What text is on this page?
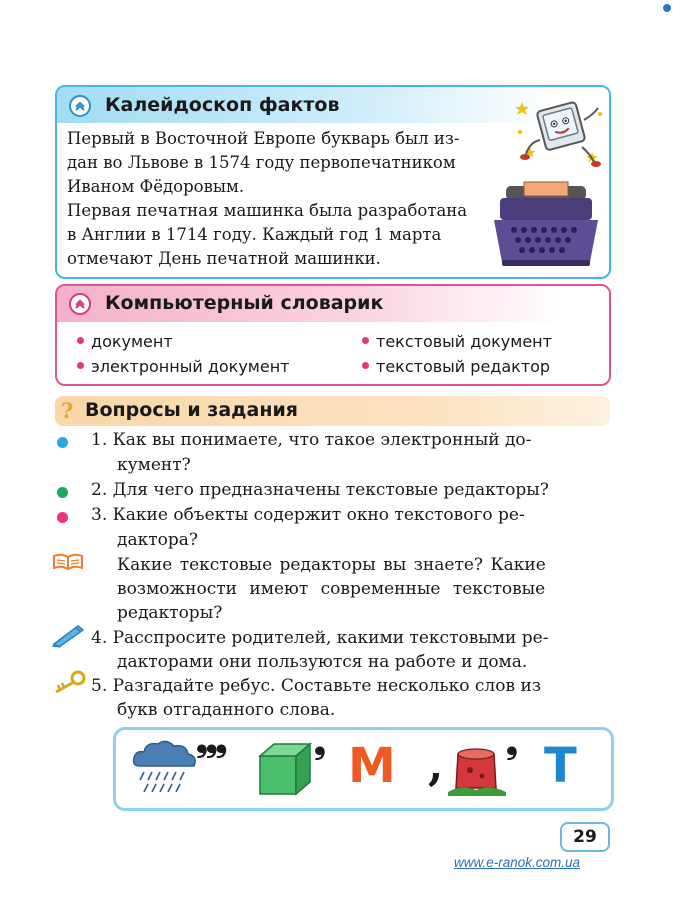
Калейдоскоп фактов
Первый в Восточной Европе букварь был из-
дан во Львове в 1574 году первопечатником
Иваном Фёдоровым.
Первая печатная машинка была разработана
в Англии в 1714 году. Каждый год 1 марта
отмечают День печатной машинки.
Компьютерный словарик
документ	текстовый документ
электронный документ	текстовый редактор
? Вопросы и задания
1. Как вы понимаете, что такое электронный до-
кумент?
2. Для чего предназначены текстовые редакторы?
3. Какие объекты содержит окно текстового ре-
дактора?
Какие текстовые редакторы вы знаете? Какие
возможности имеют современные текстовые
редакторы?
4. Расспросите родителей, какими текстовыми ре-
дакторами они пользуются на работе и дома.
5. Разгадайте ребус. Составьте несколько слов из
букв отгаданного слова.
❟❟❟	❟ М , ❟ Т
29
www.e-ranok.com.ua
